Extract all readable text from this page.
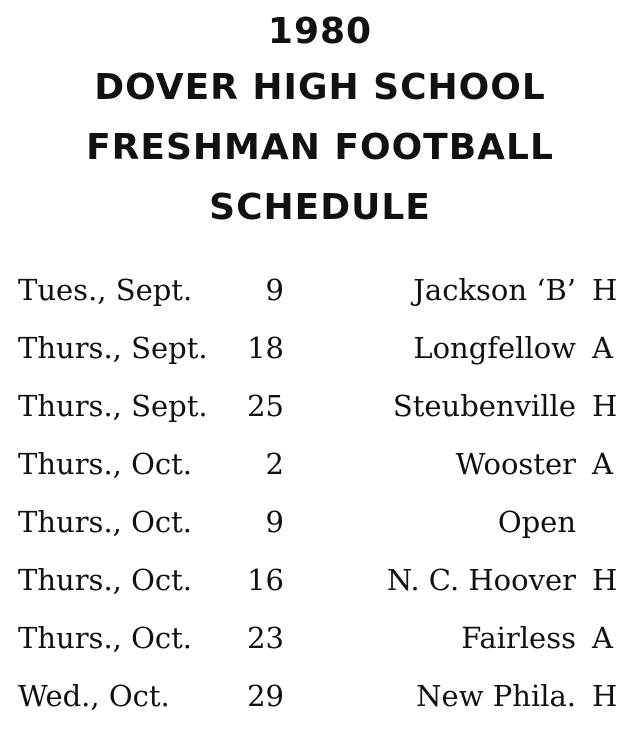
1980
DOVER HIGH SCHOOL
FRESHMAN FOOTBALL
SCHEDULE
Tues., Sept.	9	Jackson ‘B’ H
Thurs., Sept.	18	Longfellow A
Thurs., Sept.	25	Steubenville H
Thurs., Oct.	2	Wooster A
Thurs., Oct.	9	Open
Thurs., Oct.	16	N. C. Hoover H
Thurs., Oct.	23	Fairless A
Wed., Oct.	29	New Phila. H
